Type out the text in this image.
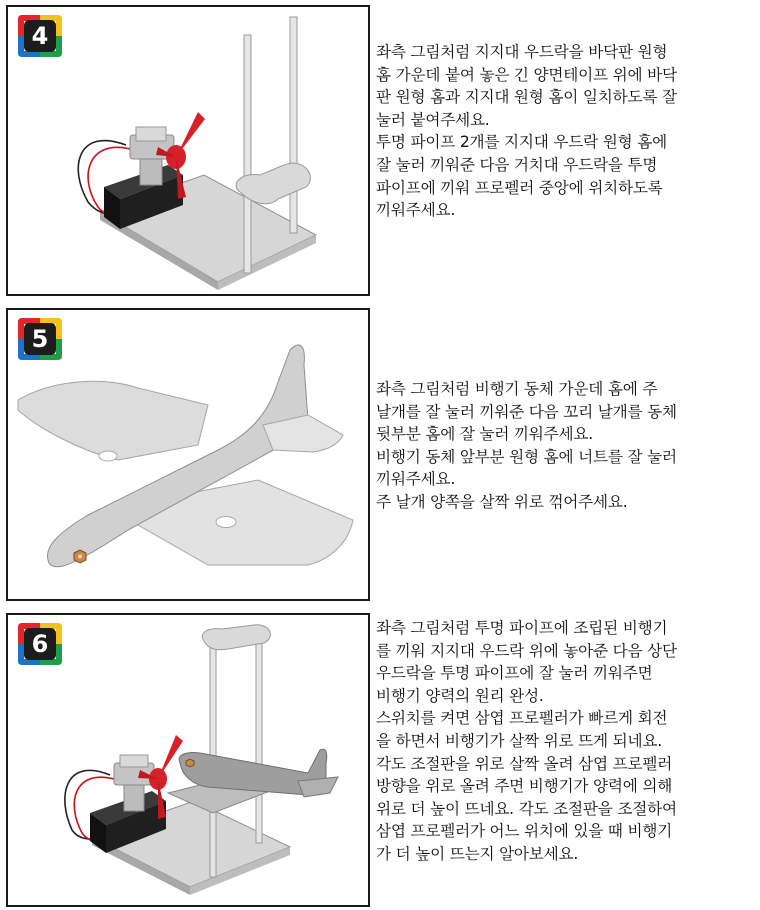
4

좌측 그림처럼 지지대 우드락을 바닥판 원형

홈 가운데 붙여 놓은 긴 양면테이프 위에 바닥

판 원형 홈과 지지대 원형 홈이 일치하도록 잘

눌러 붙여주세요.

투명 파이프 2개를 지지대 우드락 원형 홈에

잘 눌러 끼워준 다음 거치대 우드락을 투명

파이프에 끼워 프로펠러 중앙에 위치하도록

끼워주세요.

5

좌측 그림처럼 비행기 동체 가운데 홈에 주

날개를 잘 눌러 끼워준 다음 꼬리 날개를 동체

뒷부분 홈에 잘 눌러 끼워주세요.

비행기 동체 앞부분 원형 홈에 너트를 잘 눌러

끼워주세요.

주 날개 양쪽을 살짝 위로 꺾어주세요.

6

좌측 그림처럼 투명 파이프에 조립된 비행기

를 끼워 지지대 우드락 위에 놓아준 다음 상단

우드락을 투명 파이프에 잘 눌러 끼워주면

비행기 양력의 원리 완성.

스위치를 켜면 삼엽 프로펠러가 빠르게 회전

을 하면서 비행기가 살짝 위로 뜨게 되네요.

각도 조절판을 위로 살짝 올려 삼엽 프로펠러

방향을 위로 올려 주면 비행기가 양력에 의해

위로 더 높이 뜨네요. 각도 조절판을 조절하여

삼엽 프로펠러가 어느 위치에 있을 때 비행기

가 더 높이 뜨는지 알아보세요.
